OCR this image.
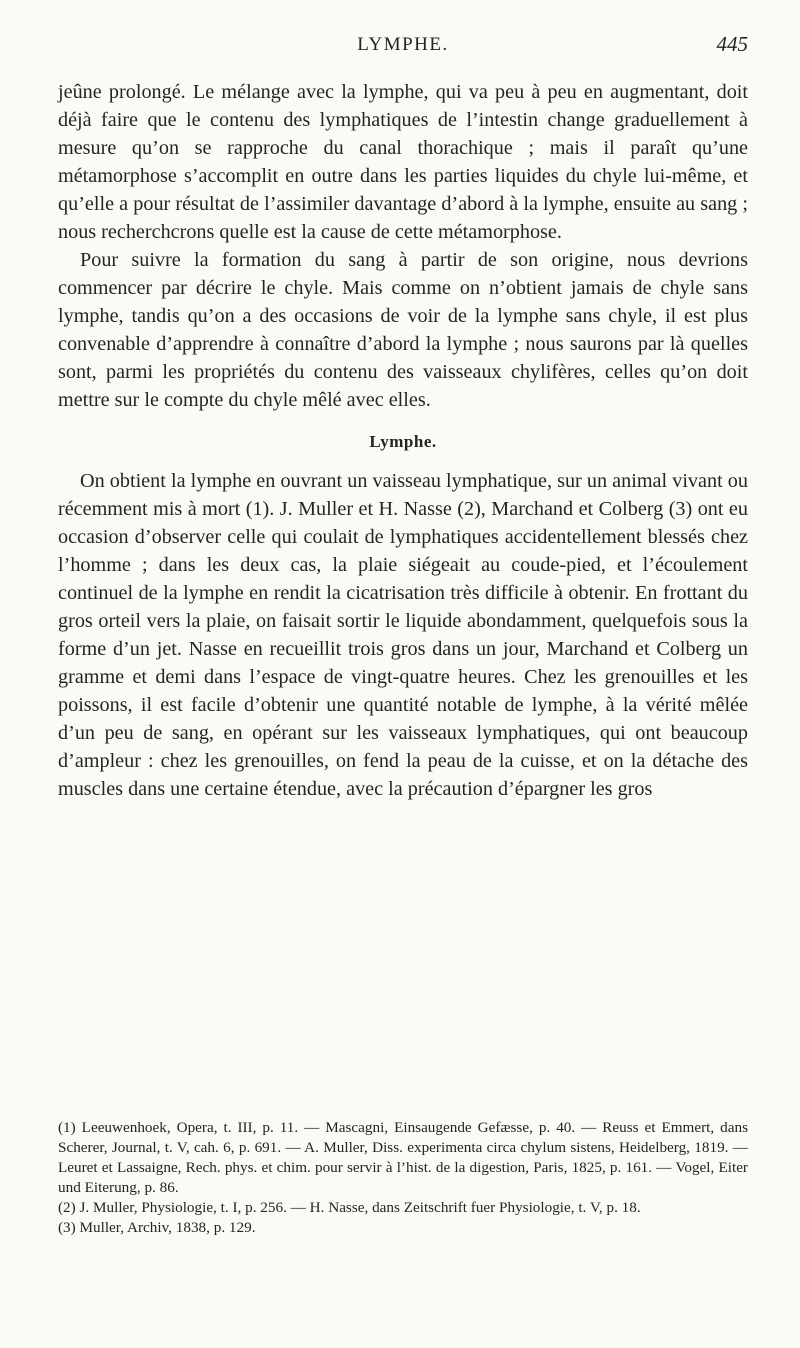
LYMPHE.	445

jeûne prolongé. Le mélange avec la lymphe, qui va peu à peu en augmentant, doit déjà faire que le contenu des lymphatiques de l’intestin change graduellement à mesure qu’on se rapproche du canal thorachique ; mais il paraît qu’une métamorphose s’accomplit en outre dans les parties liquides du chyle lui-même, et qu’elle a pour résultat de l’assimiler davantage d’abord à la lymphe, ensuite au sang ; nous recherchcrons quelle est la cause de cette métamorphose.

Pour suivre la formation du sang à partir de son origine, nous devrions commencer par décrire le chyle. Mais comme on n’obtient jamais de chyle sans lymphe, tandis qu’on a des occasions de voir de la lymphe sans chyle, il est plus convenable d’apprendre à connaître d’abord la lymphe ; nous saurons par là quelles sont, parmi les propriétés du contenu des vaisseaux chylifères, celles qu’on doit mettre sur le compte du chyle mêlé avec elles.

Lymphe.

On obtient la lymphe en ouvrant un vaisseau lymphatique, sur un animal vivant ou récemment mis à mort (1). J. Muller et H. Nasse (2), Marchand et Colberg (3) ont eu occasion d’observer celle qui coulait de lymphatiques accidentellement blessés chez l’homme ; dans les deux cas, la plaie siégeait au coude-pied, et l’écoulement continuel de la lymphe en rendit la cicatrisation très difficile à obtenir. En frottant du gros orteil vers la plaie, on faisait sortir le liquide abondamment, quelquefois sous la forme d’un jet. Nasse en recueillit trois gros dans un jour, Marchand et Colberg un gramme et demi dans l’espace de vingt-quatre heures. Chez les grenouilles et les poissons, il est facile d’obtenir une quantité notable de lymphe, à la vérité mêlée d’un peu de sang, en opérant sur les vaisseaux lymphatiques, qui ont beaucoup d’ampleur : chez les grenouilles, on fend la peau de la cuisse, et on la détache des muscles dans une certaine étendue, avec la précaution d’épargner les gros

(1) Leeuwenhoek, Opera, t. III, p. 11. — Mascagni, Einsaugende Gefæsse, p. 40. — Reuss et Emmert, dans Scherer, Journal, t. V, cah. 6, p. 691. — A. Muller, Diss. experimenta circa chylum sistens, Heidelberg, 1819. — Leuret et Lassaigne, Rech. phys. et chim. pour servir à l’hist. de la digestion, Paris, 1825, p. 161. — Vogel, Eiter und Eiterung, p. 86.

(2) J. Muller, Physiologie, t. I, p. 256. — H. Nasse, dans Zeitschrift fuer Physiologie, t. V, p. 18.

(3) Muller, Archiv, 1838, p. 129.
